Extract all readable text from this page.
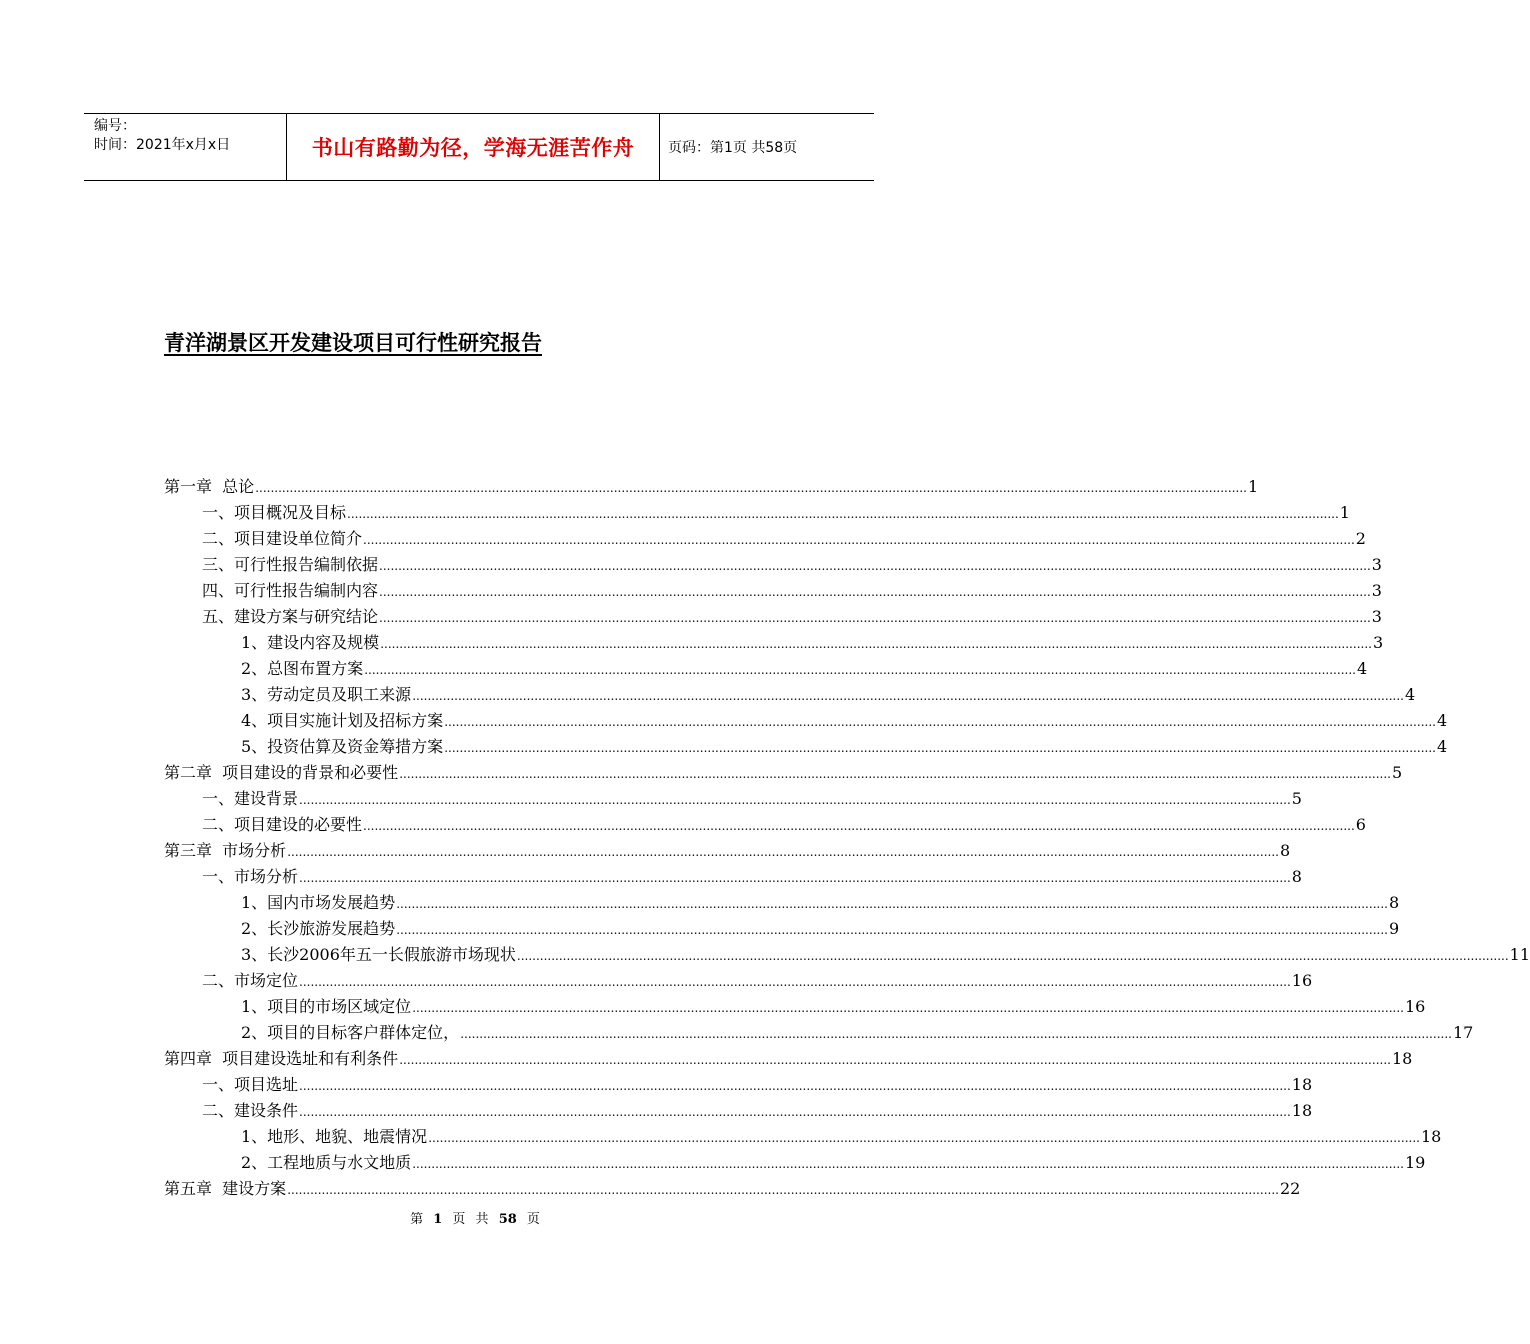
编号：
时间：2021年x月x日	书山有路勤为径，学海无涯苦作舟	页码：第1页 共58页
青洋湖景区开发建设项目可行性研究报告
第一章  总论 .................................................................................................................................................................................................................................................................... 1
一、项目概况及目标 .................................................................................................................................................................................................................................................................... 1
二、项目建设单位简介 .................................................................................................................................................................................................................................................................... 2
三、可行性报告编制依据 .................................................................................................................................................................................................................................................................... 3
四、可行性报告编制内容 .................................................................................................................................................................................................................................................................... 3
五、建设方案与研究结论 .................................................................................................................................................................................................................................................................... 3
1、建设内容及规模 .................................................................................................................................................................................................................................................................... 3
2、总图布置方案 .................................................................................................................................................................................................................................................................... 4
3、劳动定员及职工来源 .................................................................................................................................................................................................................................................................... 4
4、项目实施计划及招标方案 .................................................................................................................................................................................................................................................................... 4
5、投资估算及资金筹措方案 .................................................................................................................................................................................................................................................................... 4
第二章  项目建设的背景和必要性 .................................................................................................................................................................................................................................................................... 5
一、建设背景 .................................................................................................................................................................................................................................................................... 5
二、项目建设的必要性 .................................................................................................................................................................................................................................................................... 6
第三章  市场分析 .................................................................................................................................................................................................................................................................... 8
一、市场分析 .................................................................................................................................................................................................................................................................... 8
1、国内市场发展趋势 .................................................................................................................................................................................................................................................................... 8
2、长沙旅游发展趋势 .................................................................................................................................................................................................................................................................... 9
3、长沙2006年五一长假旅游市场现状 .................................................................................................................................................................................................................................................................... 11
二、市场定位 .................................................................................................................................................................................................................................................................... 16
1、项目的市场区域定位 .................................................................................................................................................................................................................................................................... 16
2、项目的目标客户群体定位， .................................................................................................................................................................................................................................................................... 17
第四章  项目建设选址和有利条件 .................................................................................................................................................................................................................................................................... 18
一、项目选址 .................................................................................................................................................................................................................................................................... 18
二、建设条件 .................................................................................................................................................................................................................................................................... 18
1、地形、地貌、地震情况 .................................................................................................................................................................................................................................................................... 18
2、工程地质与水文地质 .................................................................................................................................................................................................................................................................... 19
第五章  建设方案 .................................................................................................................................................................................................................................................................... 22
第 1 页 共 58 页
